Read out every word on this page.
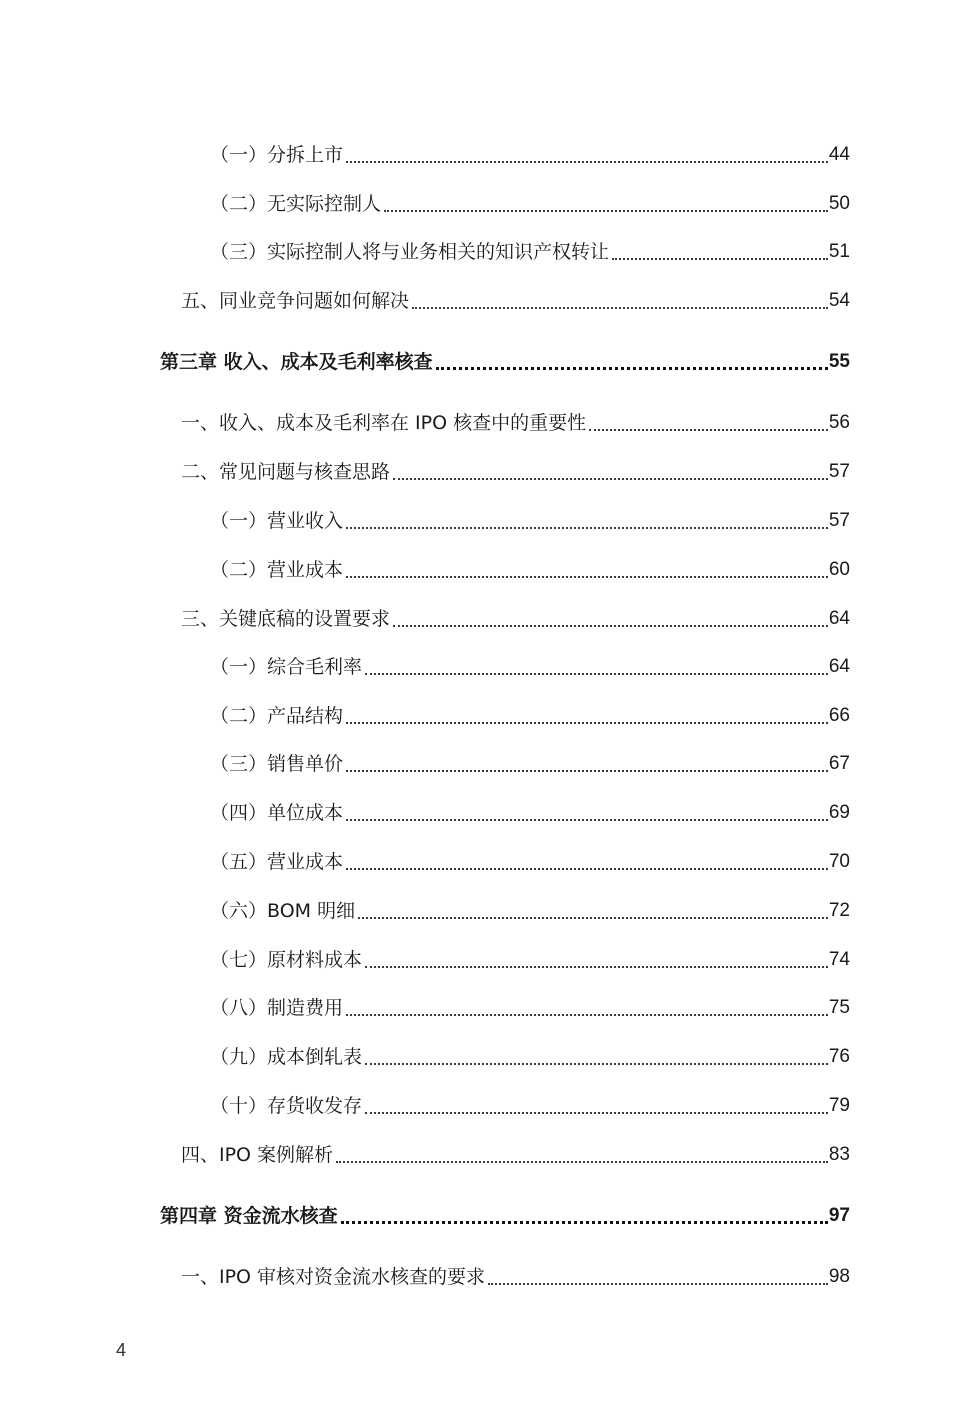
（一）分拆上市	44
（二）无实际控制人	50
（三）实际控制人将与业务相关的知识产权转让	51
五、同业竞争问题如何解决	54
第三章 收入、成本及毛利率核查	55
一、收入、成本及毛利率在 IPO 核查中的重要性	56
二、常见问题与核查思路	57
（一）营业收入	57
（二）营业成本	60
三、关键底稿的设置要求	64
（一）综合毛利率	64
（二）产品结构	66
（三）销售单价	67
（四）单位成本	69
（五）营业成本	70
（六）BOM 明细	72
（七）原材料成本	74
（八）制造费用	75
（九）成本倒轧表	76
（十）存货收发存	79
四、IPO 案例解析	83
第四章 资金流水核查	97
一、IPO 审核对资金流水核查的要求	98
4
